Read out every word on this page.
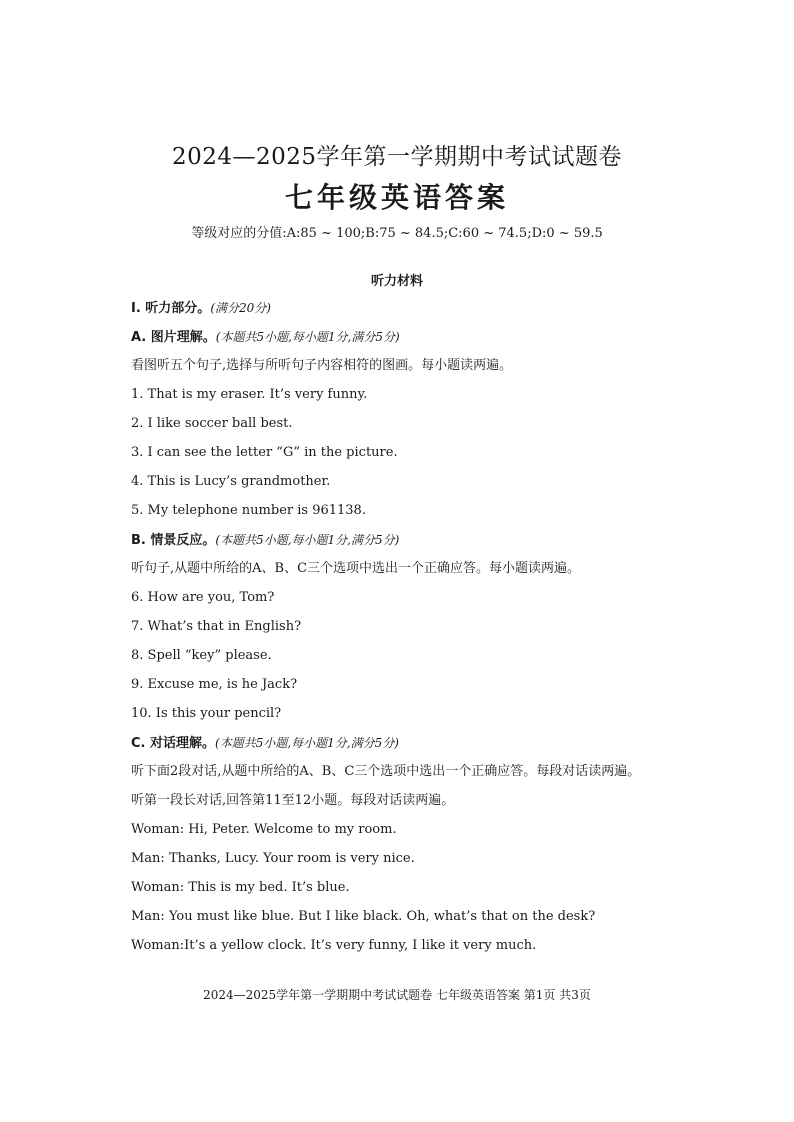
2024—2025学年第一学期期中考试试题卷
七年级英语答案
等级对应的分值:A:85 ~ 100;B:75 ~ 84.5;C:60 ~ 74.5;D:0 ~ 59.5
听力材料
I. 听力部分。(满分20分)
A. 图片理解。(本题共5小题,每小题1分,满分5分)
看图听五个句子,选择与所听句子内容相符的图画。每小题读两遍。
1. That is my eraser. It’s very funny.
2. I like soccer ball best.
3. I can see the letter “G” in the picture.
4. This is Lucy’s grandmother.
5. My telephone number is 961138.
B. 情景反应。(本题共5小题,每小题1分,满分5分)
听句子,从题中所给的A、B、C三个选项中选出一个正确应答。每小题读两遍。
6. How are you, Tom?
7. What’s that in English?
8. Spell “key” please.
9. Excuse me, is he Jack?
10. Is this your pencil?
C. 对话理解。(本题共5小题,每小题1分,满分5分)
听下面2段对话,从题中所给的A、B、C三个选项中选出一个正确应答。每段对话读两遍。
听第一段长对话,回答第11至12小题。每段对话读两遍。
Woman: Hi, Peter. Welcome to my room.
Man: Thanks, Lucy. Your room is very nice.
Woman: This is my bed. It’s blue.
Man: You must like blue. But I like black. Oh, what’s that on the desk?
Woman:It’s a yellow clock. It’s very funny, I like it very much.
2024—2025学年第一学期期中考试试题卷 七年级英语答案 第1页 共3页
